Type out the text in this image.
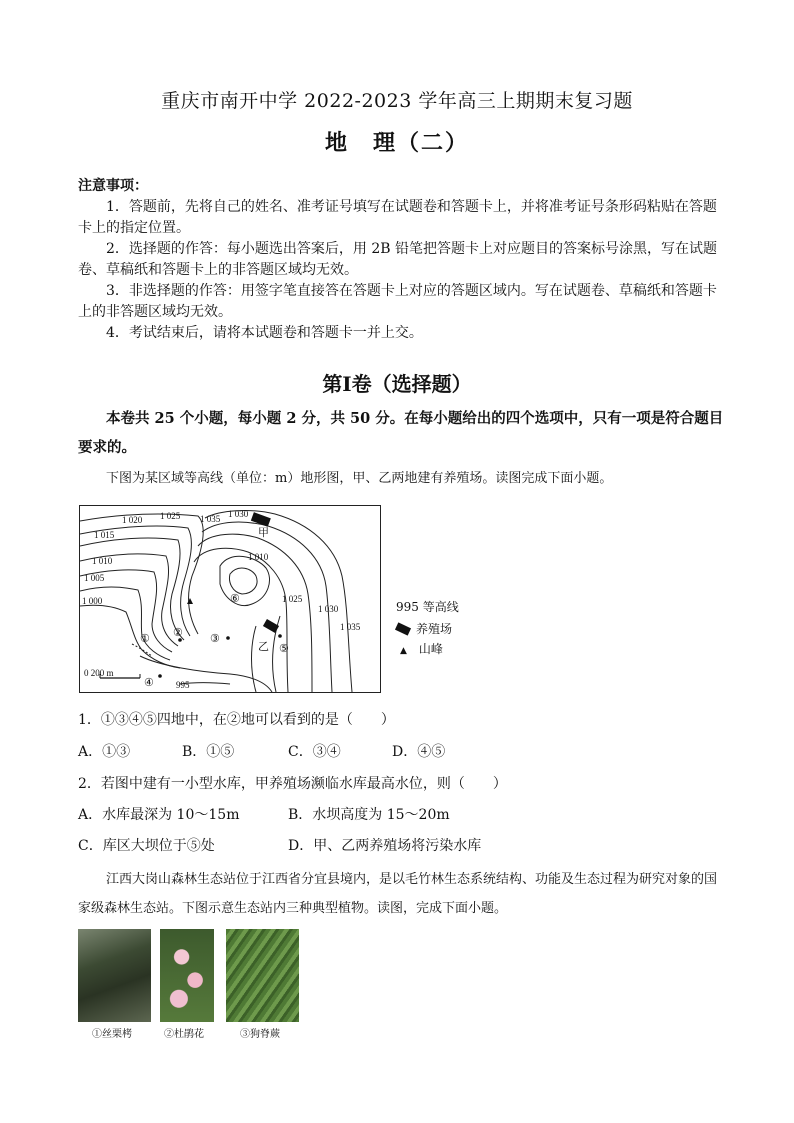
重庆市南开中学 2022-2023 学年高三上期期末复习题
地　理（二）
注意事项：

1．答题前，先将自己的姓名、准考证号填写在试题卷和答题卡上，并将准考证号条形码粘贴在答题卡上的指定位置。

2．选择题的作答：每小题选出答案后，用 2B 铅笔把答题卡上对应题目的答案标号涂黑，写在试题卷、草稿纸和答题卡上的非答题区域均无效。

3．非选择题的作答：用签字笔直接答在答题卡上对应的答题区域内。写在试题卷、草稿纸和答题卡上的非答题区域均无效。

4．考试结束后，请将本试题卷和答题卡一并上交。

第Ⅰ卷（选择题）
本卷共 25 个小题，每小题 2 分，共 50 分。在每小题给出的四个选项中，只有一项是符合题目要求的。
下图为某区域等高线（单位：m）地形图，甲、乙两地建有养殖场。读图完成下面小题。
1 020 1 025 1 035 1 030
1 015
1 010
1 005
1 000
1 010
1 025
1 030
1 035
995
0 200 m
甲
乙
① ② ③
④
⑤
⑥
995 等高线
养殖场
▲ 山峰
1．①③④⑤四地中，在②地可以看到的是（　　）
A．①③	B．①⑤	C．③④	D．④⑤
2．若图中建有一小型水库，甲养殖场濒临水库最高水位，则（　　）
A．水库最深为 10～15m	B．水坝高度为 15～20m
C．库区大坝位于⑤处	D．甲、乙两养殖场将污染水库
江西大岗山森林生态站位于江西省分宜县境内，是以毛竹林生态系统结构、功能及生态过程为研究对象的国家级森林生态站。下图示意生态站内三种典型植物。读图，完成下面小题。
①丝栗栲	②杜鹃花	③狗脊蕨
